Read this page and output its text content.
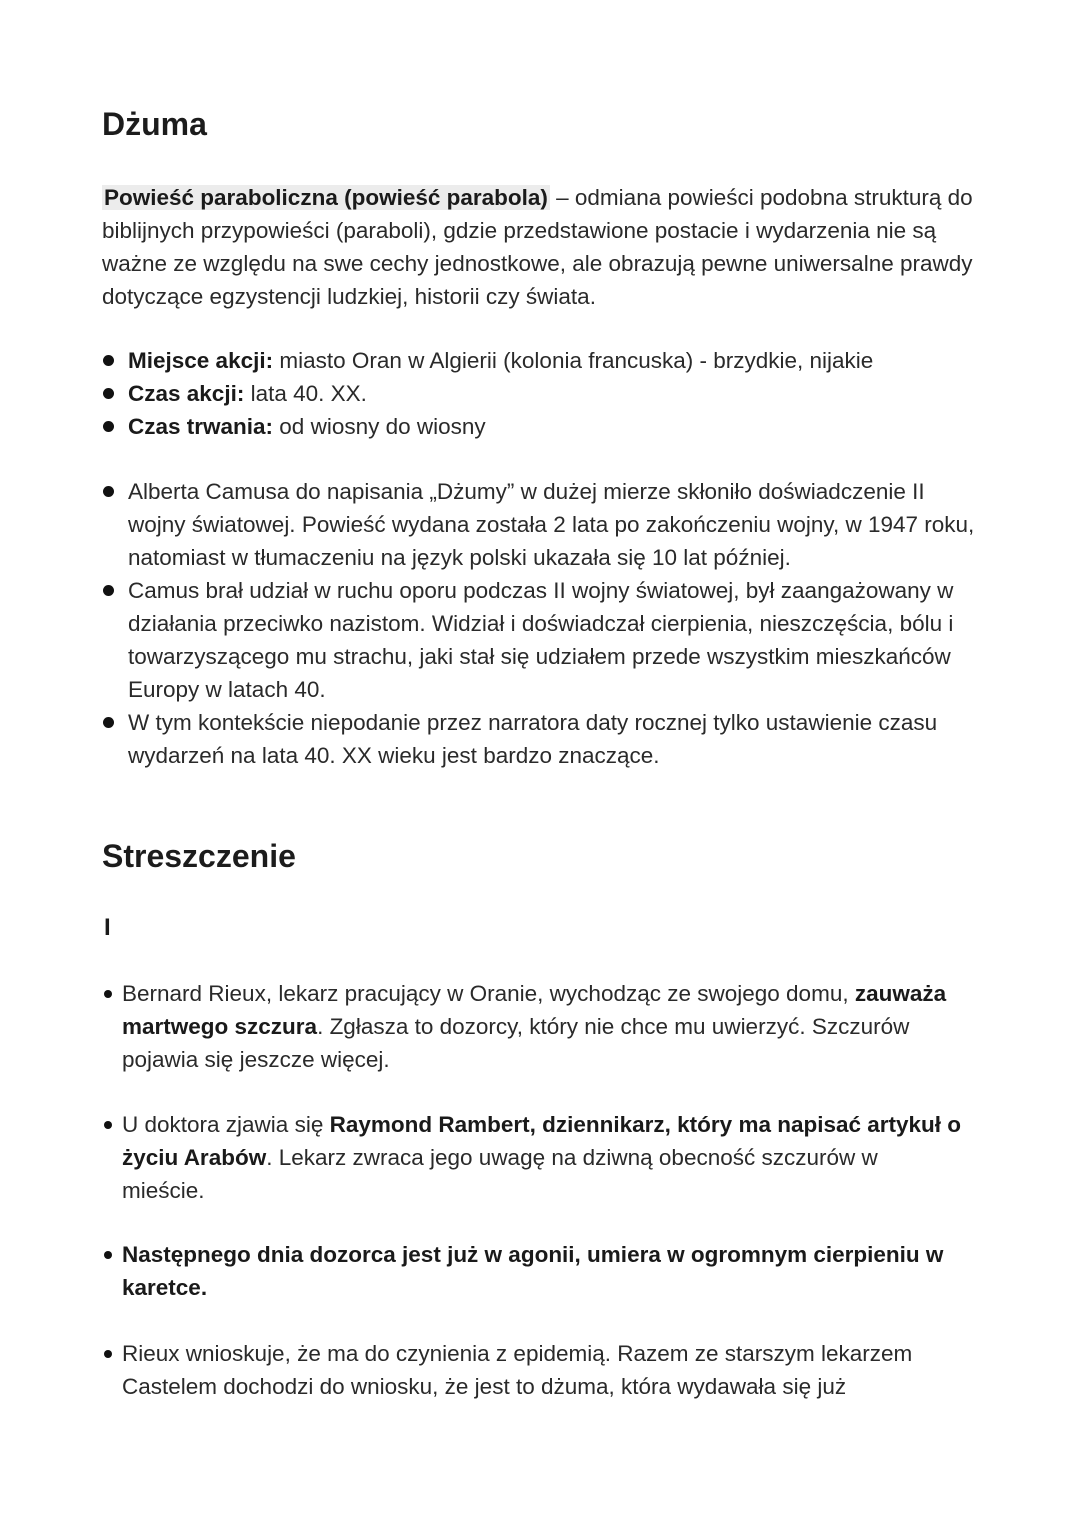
Dżuma

Powieść paraboliczna (powieść parabola) – odmiana powieści podobna strukturą do biblijnych przypowieści (paraboli), gdzie przedstawione postacie i wydarzenia nie są ważne ze względu na swe cechy jednostkowe, ale obrazują pewne uniwersalne prawdy dotyczące egzystencji ludzkiej, historii czy świata.

Miejsce akcji: miasto Oran w Algierii (kolonia francuska) - brzydkie, nijakie
Czas akcji: lata 40. XX.
Czas trwania: od wiosny do wiosny
Alberta Camusa do napisania „Dżumy” w dużej mierze skłoniło doświadczenie II wojny światowej. Powieść wydana została 2 lata po zakończeniu wojny, w 1947 roku, natomiast w tłumaczeniu na język polski ukazała się 10 lat później.
Camus brał udział w ruchu oporu podczas II wojny światowej, był zaangażowany w działania przeciwko nazistom. Widział i doświadczał cierpienia, nieszczęścia, bólu i towarzyszącego mu strachu, jaki stał się udziałem przede wszystkim mieszkańców Europy w latach 40.
W tym kontekście niepodanie przez narratora daty rocznej tylko ustawienie czasu wydarzeń na lata 40. XX wieku jest bardzo znaczące.
Streszczenie
I
Bernard Rieux, lekarz pracujący w Oranie, wychodząc ze swojego domu, zauważa martwego szczura. Zgłasza to dozorcy, który nie chce mu uwierzyć. Szczurów pojawia się jeszcze więcej.
U doktora zjawia się Raymond Rambert, dziennikarz, który ma napisać artykuł o życiu Arabów. Lekarz zwraca jego uwagę na dziwną obecność szczurów w mieście.
Następnego dnia dozorca jest już w agonii, umiera w ogromnym cierpieniu w karetce.
Rieux wnioskuje, że ma do czynienia z epidemią. Razem ze starszym lekarzem Castelem dochodzi do wniosku, że jest to dżuma, która wydawała się już
